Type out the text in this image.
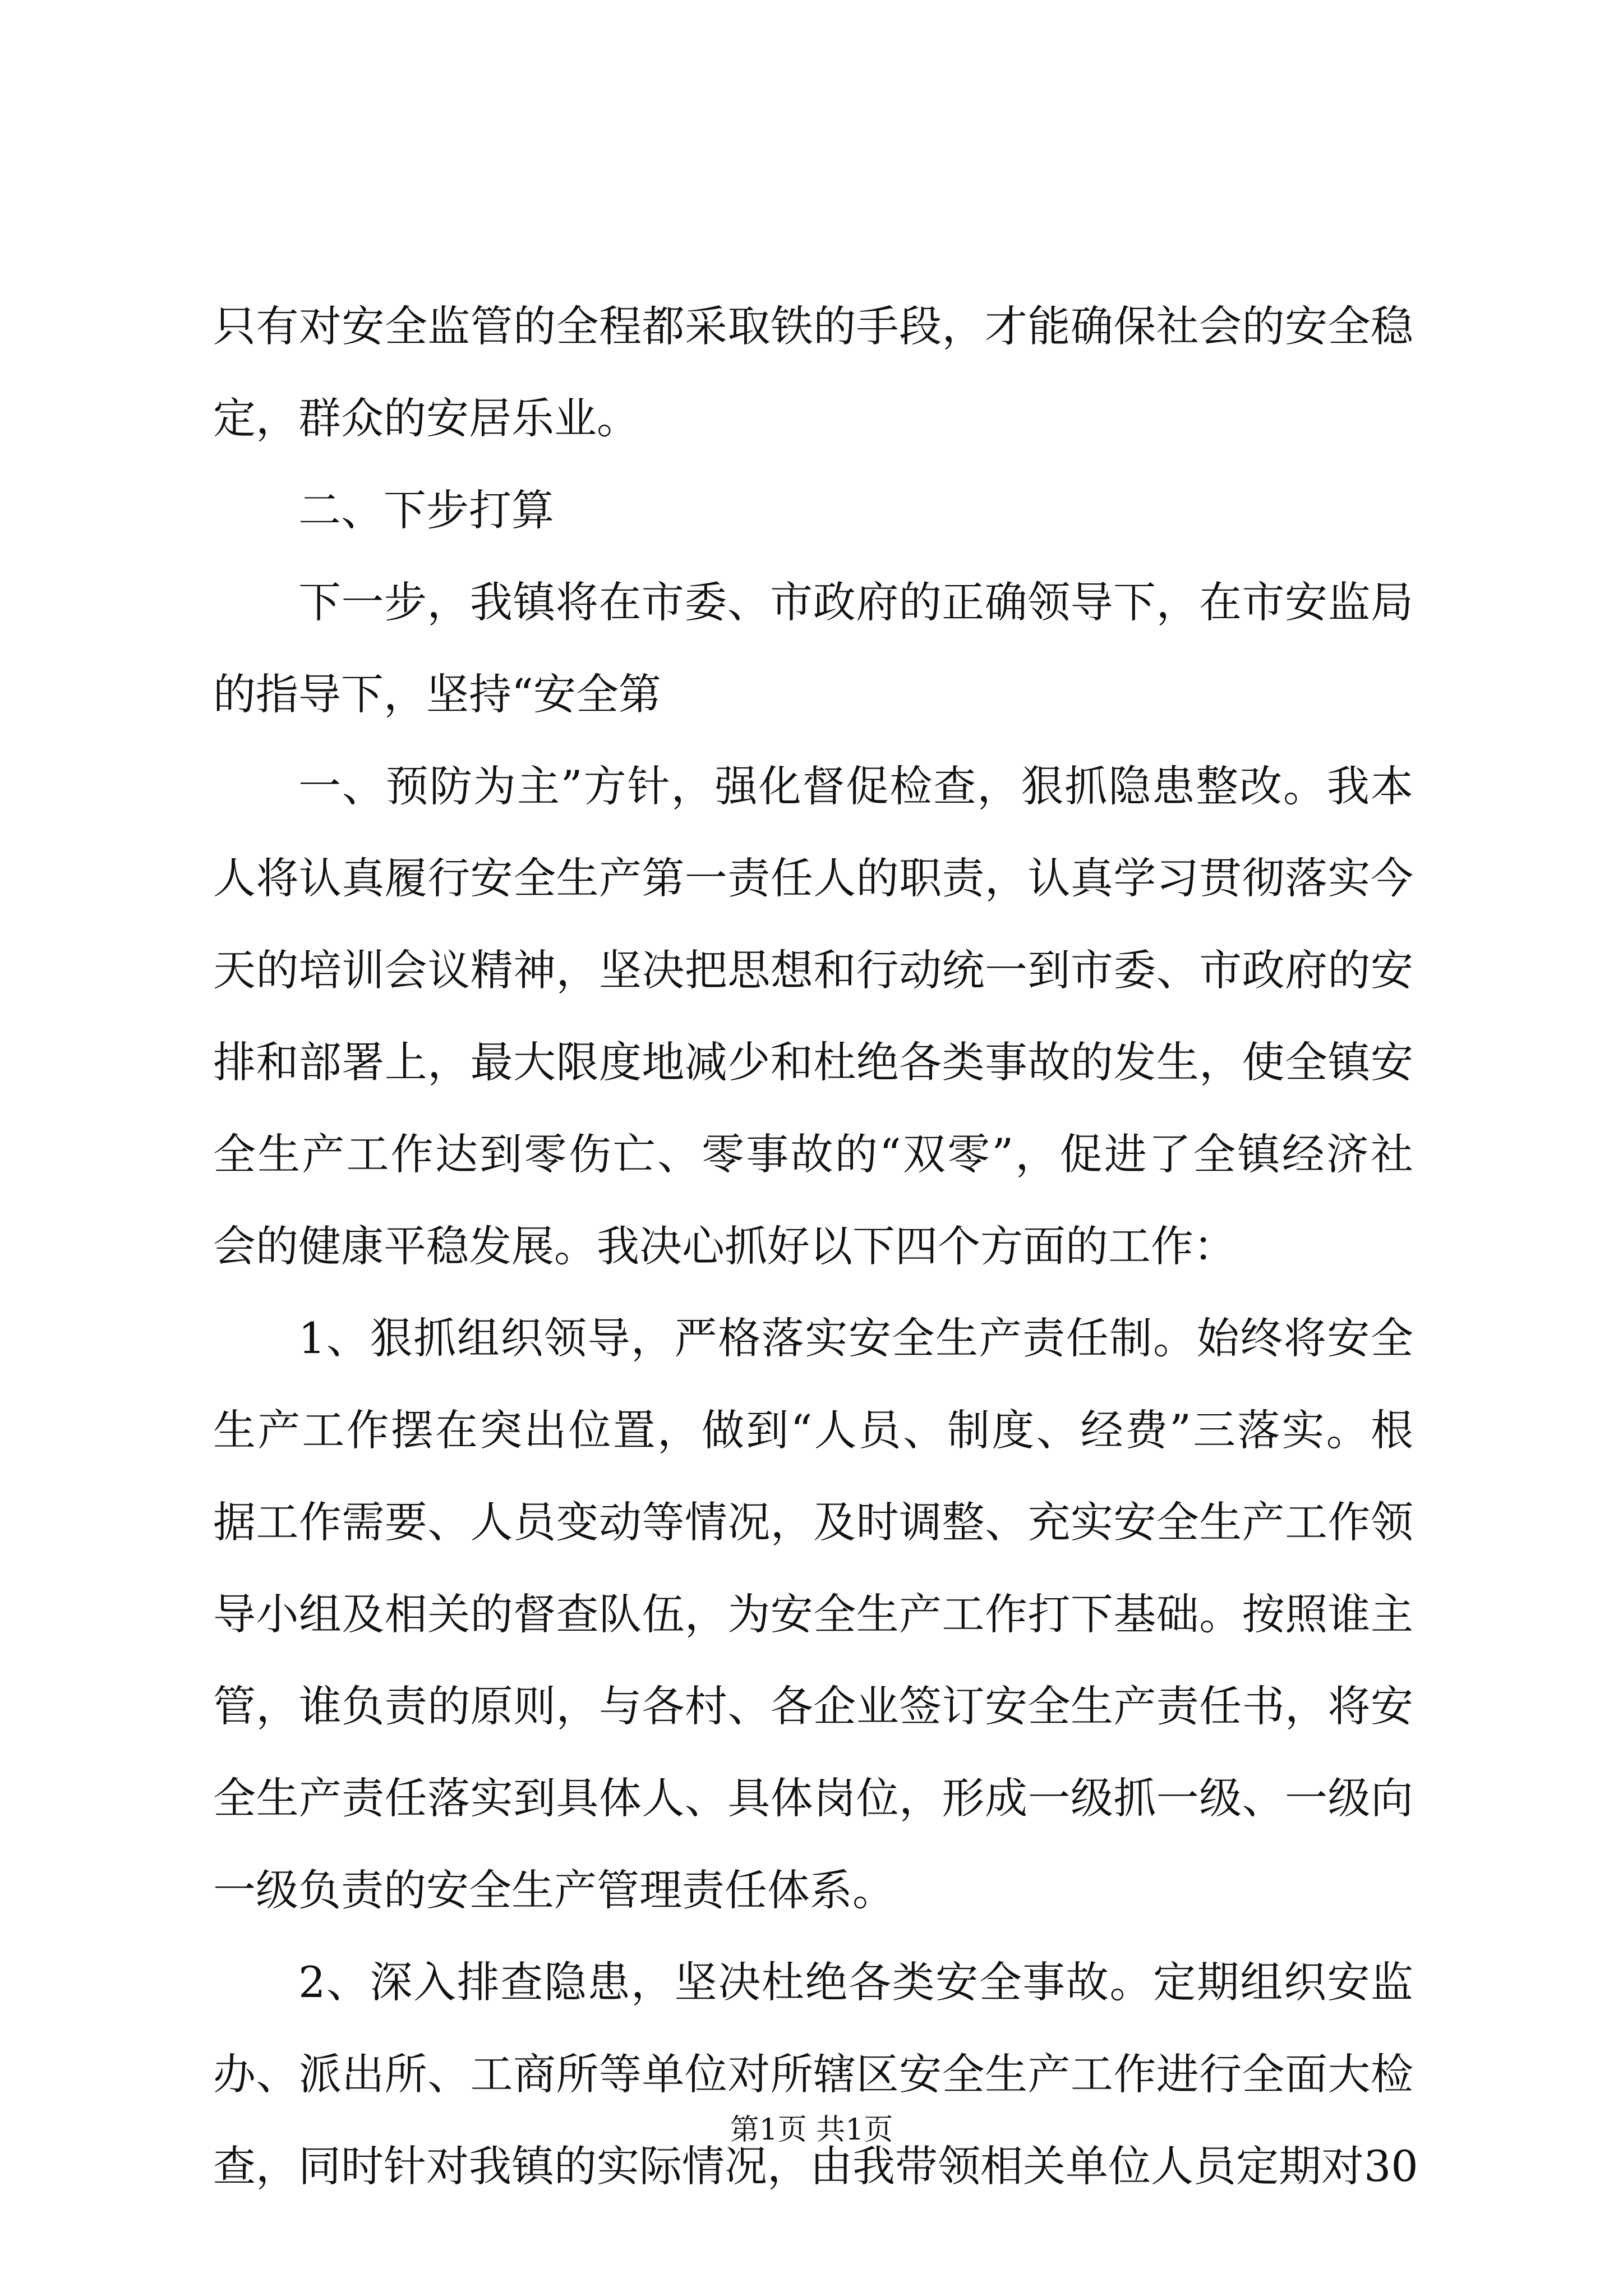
只有对安全监管的全程都采取铁的手段，才能确保社会的安全稳
定，群众的安居乐业。
二、下步打算
下一步，我镇将在市委、市政府的正确领导下，在市安监局
的指导下，坚持“安全第
一、预防为主”方针，强化督促检查，狠抓隐患整改。我本
人将认真履行安全生产第一责任人的职责，认真学习贯彻落实今
天的培训会议精神，坚决把思想和行动统一到市委、市政府的安
排和部署上，最大限度地减少和杜绝各类事故的发生，使全镇安
全生产工作达到零伤亡、零事故的“双零”，促进了全镇经济社
会的健康平稳发展。我决心抓好以下四个方面的工作：
1、狠抓组织领导，严格落实安全生产责任制。始终将安全
生产工作摆在突出位置，做到“人员、制度、经费”三落实。根
据工作需要、人员变动等情况，及时调整、充实安全生产工作领
导小组及相关的督查队伍，为安全生产工作打下基础。按照谁主
管，谁负责的原则，与各村、各企业签订安全生产责任书，将安
全生产责任落实到具体人、具体岗位，形成一级抓一级、一级向
一级负责的安全生产管理责任体系。
2、深入排查隐患，坚决杜绝各类安全事故。定期组织安监
办、派出所、工商所等单位对所辖区安全生产工作进行全面大检
查，同时针对我镇的实际情况，由我带领相关单位人员定期对30
第1页 共1页
